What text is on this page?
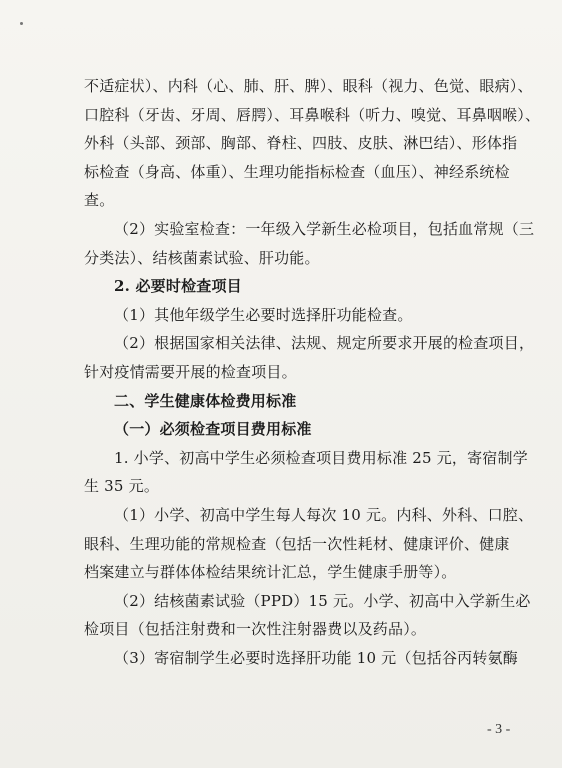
不适症状）、内科（心、肺、肝、脾）、眼科（视力、色觉、眼病）、
口腔科（牙齿、牙周、唇腭）、耳鼻喉科（听力、嗅觉、耳鼻咽喉）、
外科（头部、颈部、胸部、脊柱、四肢、皮肤、淋巴结）、形体指
标检查（身高、体重）、生理功能指标检查（血压）、神经系统检
查。
（2）实验室检查：一年级入学新生必检项目，包括血常规（三
分类法）、结核菌素试验、肝功能。
2. 必要时检查项目
（1）其他年级学生必要时选择肝功能检查。
（2）根据国家相关法律、法规、规定所要求开展的检查项目，
针对疫情需要开展的检查项目。
二、学生健康体检费用标准
（一）必须检查项目费用标准
1. 小学、初高中学生必须检查项目费用标准 25 元，寄宿制学
生 35 元。
（1）小学、初高中学生每人每次 10 元。内科、外科、口腔、
眼科、生理功能的常规检查（包括一次性耗材、健康评价、健康
档案建立与群体体检结果统计汇总，学生健康手册等）。
（2）结核菌素试验（PPD）15 元。小学、初高中入学新生必
检项目（包括注射费和一次性注射器费以及药品）。
（3）寄宿制学生必要时选择肝功能 10 元（包括谷丙转氨酶
- 3 -
